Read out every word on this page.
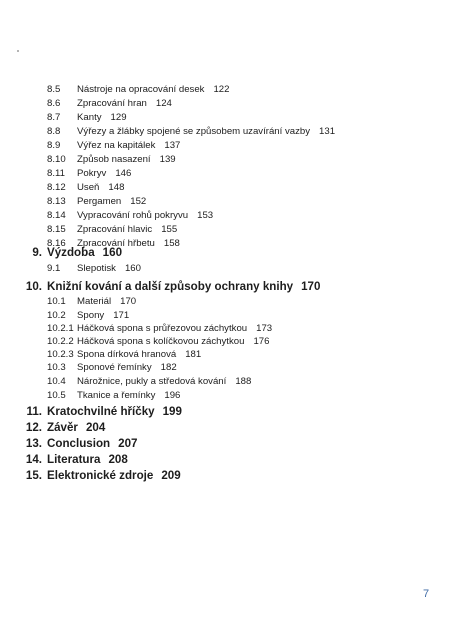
8.5 Nástroje na opracování desek 122
8.6 Zpracování hran 124
8.7 Kanty 129
8.8 Výřezy a žlábky spojené se způsobem uzavírání vazby 131
8.9 Výřez na kapitálek 137
8.10 Způsob nasazení 139
8.11 Pokryv 146
8.12 Useň 148
8.13 Pergamen 152
8.14 Vypracování rohů pokryvu 153
8.15 Zpracování hlavic 155
8.16 Zpracování hřbetu 158
9. Výzdoba 160
9.1 Slepotisk 160
10. Knižní kování a další způsoby ochrany knihy 170
10.1 Materiál 170
10.2 Spony 171
10.2.1 Háčková spona s průřezovou záchytkou 173
10.2.2 Háčková spona s kolíčkovou záchytkou 176
10.2.3 Spona dírková hranová 181
10.3 Sponové řemínky 182
10.4 Nárožnice, pukly a středová kování 188
10.5 Tkanice a řemínky 196
11. Kratochvilné hříčky 199
12. Závěr 204
13. Conclusion 207
14. Literatura 208
15. Elektronické zdroje 209
7
